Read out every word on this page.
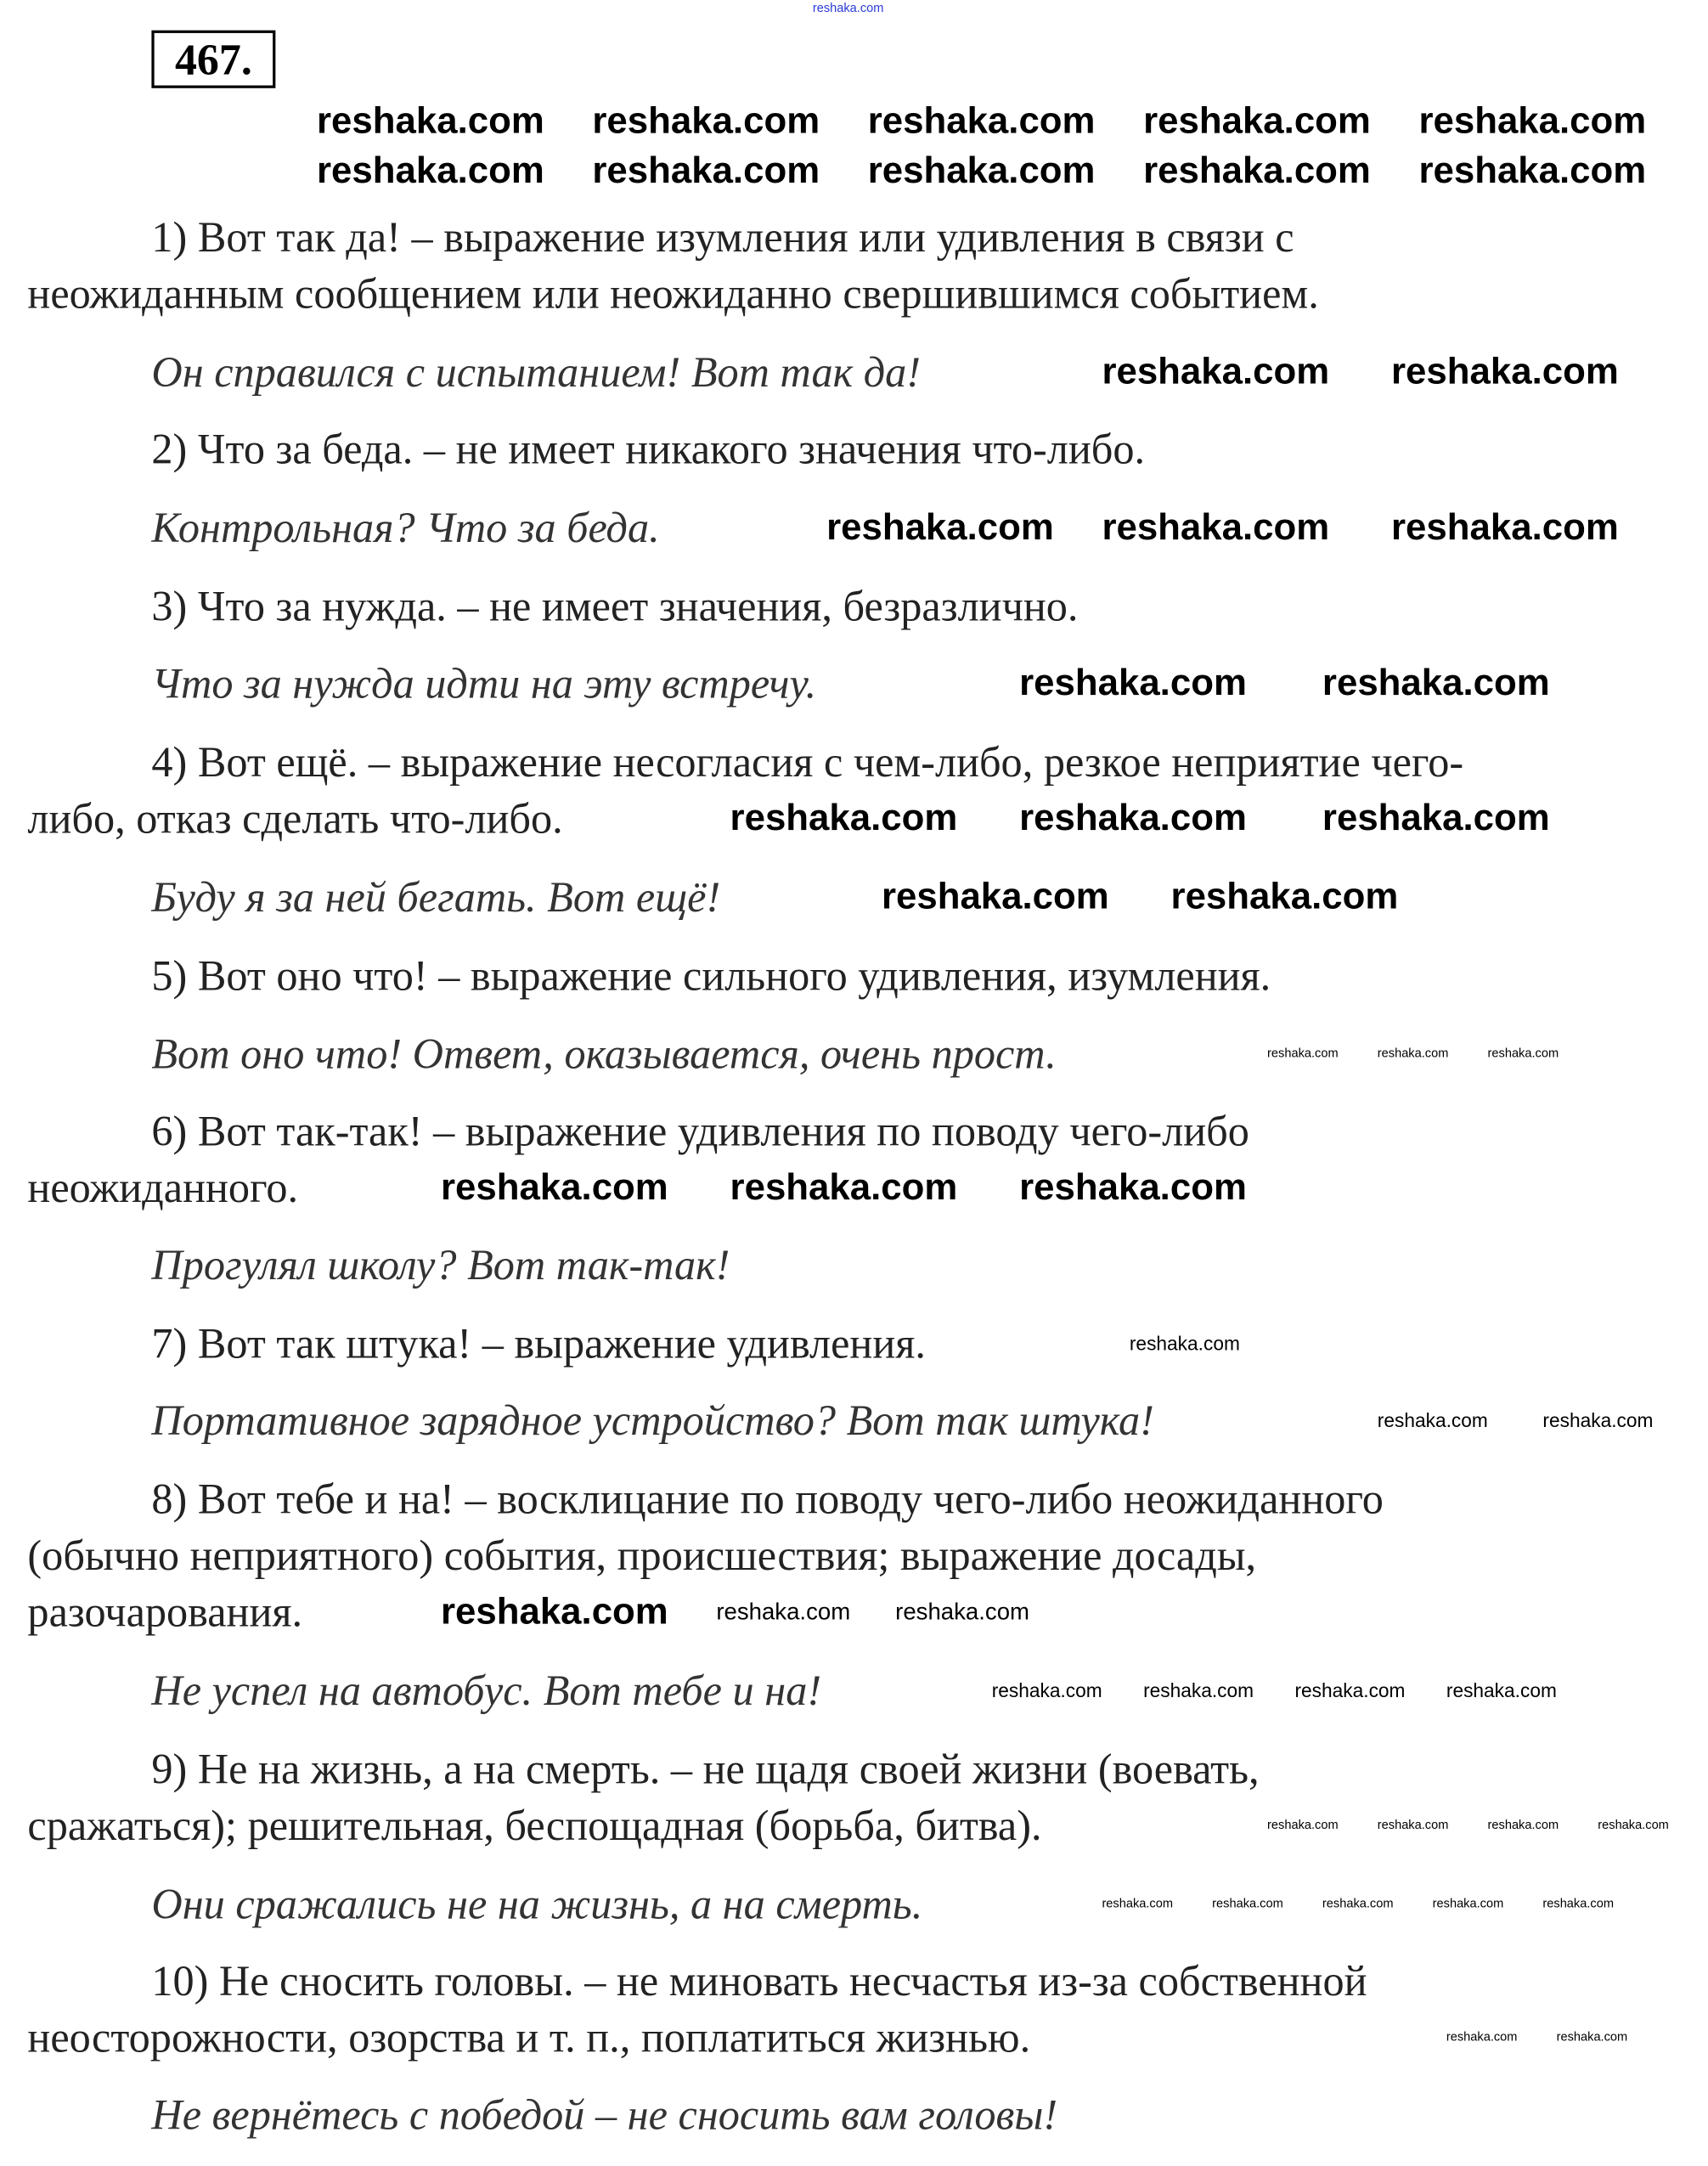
467.
1) Вот так да! – выражение изумления или удивления в связи с
неожиданным сообщением или неожиданно свершившимся событием.
Он справился с испытанием! Вот так да!
2) Что за беда. – не имеет никакого значения что-либо.
Контрольная? Что за беда.
3) Что за нужда. – не имеет значения, безразлично.
Что за нужда идти на эту встречу.
4) Вот ещё. – выражение несогласия с чем-либо, резкое неприятие чего-
либо, отказ сделать что-либо.
Буду я за ней бегать. Вот ещё!
5) Вот оно что! – выражение сильного удивления, изумления.
Вот оно что! Ответ, оказывается, очень прост.
6) Вот так-так! – выражение удивления по поводу чего-либо
неожиданного.
Прогулял школу? Вот так-так!
7) Вот так штука! – выражение удивления.
Портативное зарядное устройство? Вот так штука!
8) Вот тебе и на! – восклицание по поводу чего-либо неожиданного
(обычно неприятного) события, происшествия; выражение досады,
разочарования.
Не успел на автобус. Вот тебе и на!
9) Не на жизнь, а на смерть. – не щадя своей жизни (воевать,
сражаться); решительная, беспощадная (борьба, битва).
Они сражались не на жизнь, а на смерть.
10) Не сносить головы. – не миновать несчастья из-за собственной
неосторожности, озорства и т. п., поплатиться жизнью.
Не вернётесь с победой – не сносить вам головы!
reshaka.com
reshaka.com reshaka.com reshaka.com reshaka.com reshaka.com
reshaka.com reshaka.com reshaka.com reshaka.com reshaka.com
reshaka.com	reshaka.com
reshaka.com reshaka.com	reshaka.com
reshaka.com	reshaka.com
reshaka.com	reshaka.com	reshaka.com
reshaka.com	reshaka.com
reshaka.com	reshaka.com	reshaka.com
reshaka.com	reshaka.com	reshaka.com
reshaka.com
reshaka.com	reshaka.com
reshaka.com	reshaka.com	reshaka.com
reshaka.com	reshaka.com	reshaka.com	reshaka.com
reshaka.com	reshaka.com	reshaka.com	reshaka.com
reshaka.com	reshaka.com	reshaka.com	reshaka.com	reshaka.com
reshaka.com	reshaka.com
